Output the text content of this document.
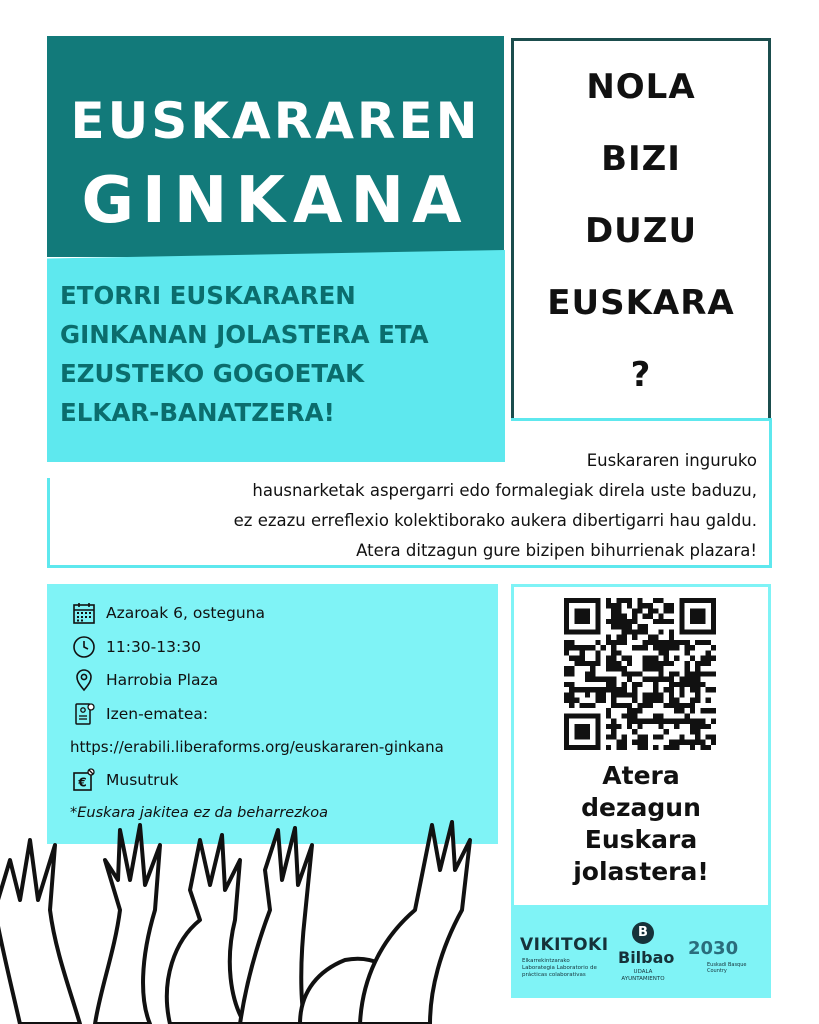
EUSKARAREN
GINKANA
ETORRI EUSKARAREN
GINKANAN JOLASTERA ETA
EZUSTEKO GOGOETAK
ELKAR-BANATZERA!
NOLA
BIZI
DUZU
EUSKARA
?
Euskararen inguruko
hausnarketak aspergarri edo formalegiak direla uste baduzu,
ez ezazu erreflexio kolektiborako aukera dibertigarri hau galdu.
Atera ditzagun gure bizipen bihurrienak plazara!
Azaroak 6, osteguna
11:30-13:30
Harrobia Plaza
Izen-ematea:
https://erabili.liberaforms.org/euskararen-ginkana
€ Musutruk
*Euskara jakitea ez da beharrezkoa
Atera
dezagun
Euskara
jolastera!
VIKITOKI
Elkarrekintzarako Laborategia Laboratorio de prácticas colaborativas
B
Bilbao
UDALA AYUNTAMIENTO
2030
Euskadi Basque Country
